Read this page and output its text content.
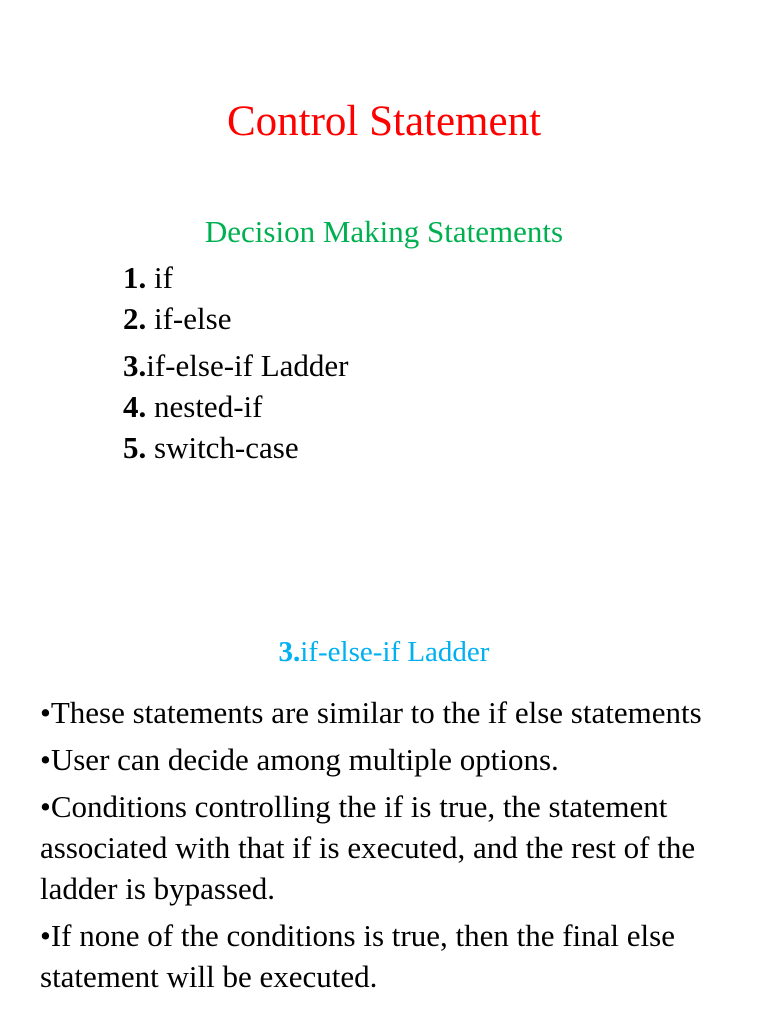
Control Statement
Decision Making Statements
1. if
2. if-else
3.if-else-if Ladder
4. nested-if
5. switch-case
3.if-else-if Ladder

•These statements are similar to the if else statements

•User can decide among multiple options.

•Conditions controlling the if is true, the statement associated with that if is executed, and the rest of the ladder is bypassed.

•If none of the conditions is true, then the final else statement will be executed.
